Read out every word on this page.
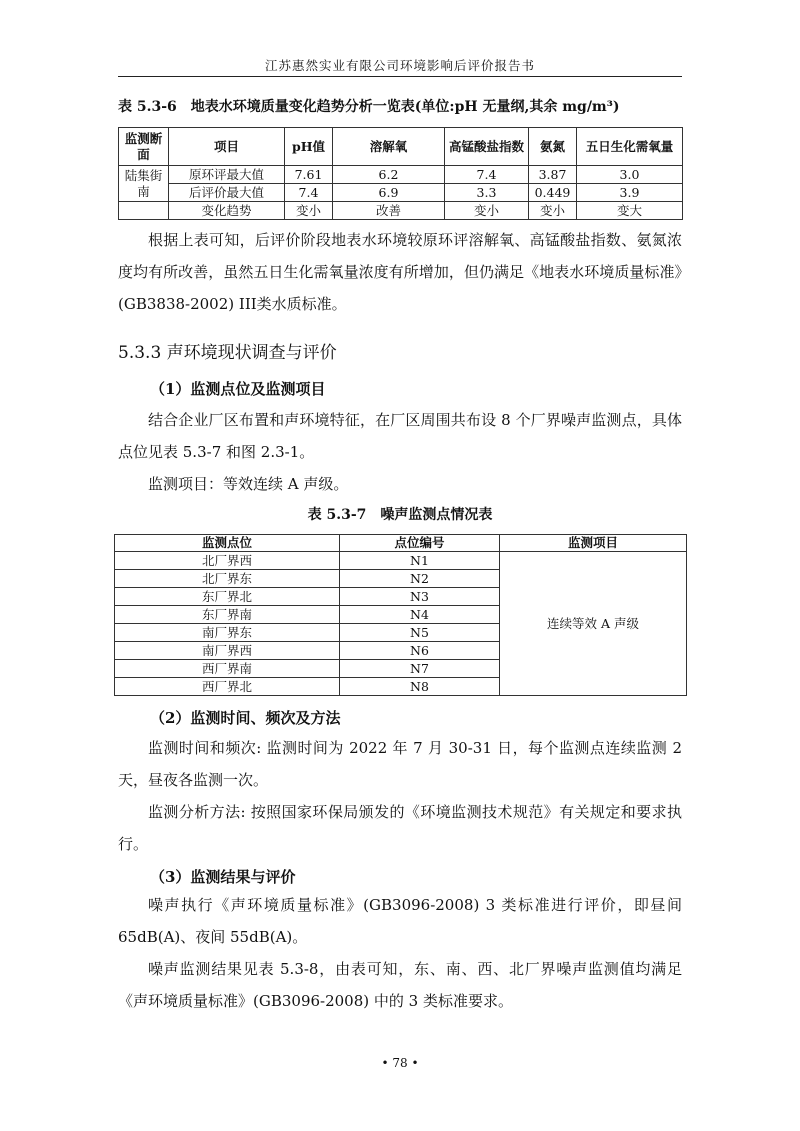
江苏惠然实业有限公司环境影响后评价报告书
表 5.3-6　地表水环境质量变化趋势分析一览表(单位:pH 无量纲,其余 mg/m³)
监测断面	项目	pH值	溶解氧	高锰酸盐指数	氨氮	五日生化需氧量
陆集街南	原环评最大值	7.61	6.2	7.4	3.87	3.0
	后评价最大值	7.4	6.9	3.3	0.449	3.9
	变化趋势	变小	改善	变小	变小	变大
根据上表可知，后评价阶段地表水环境较原环评溶解氧、高锰酸盐指数、氨氮浓度均有所改善，虽然五日生化需氧量浓度有所增加，但仍满足《地表水环境质量标准》(GB3838-2002) III类水质标准。
5.3.3 声环境现状调查与评价
（1）监测点位及监测项目
结合企业厂区布置和声环境特征，在厂区周围共布设 8 个厂界噪声监测点，具体点位见表 5.3-7 和图 2.3-1。
监测项目：等效连续 A 声级。
表 5.3-7　噪声监测点情况表
监测点位	点位编号	监测项目
北厂界西	N1	连续等效 A 声级
北厂界东	N2	
东厂界北	N3	
东厂界南	N4	
南厂界东	N5	
南厂界西	N6	
西厂界南	N7	
西厂界北	N8	
（2）监测时间、频次及方法
监测时间和频次: 监测时间为 2022 年 7 月 30-31 日，每个监测点连续监测 2 天，昼夜各监测一次。
监测分析方法: 按照国家环保局颁发的《环境监测技术规范》有关规定和要求执行。
（3）监测结果与评价
噪声执行《声环境质量标准》(GB3096-2008) 3 类标准进行评价，即昼间 65dB(A)、夜间 55dB(A)。
噪声监测结果见表 5.3-8，由表可知，东、南、西、北厂界噪声监测值均满足《声环境质量标准》(GB3096-2008) 中的 3 类标准要求。
• 78 •
